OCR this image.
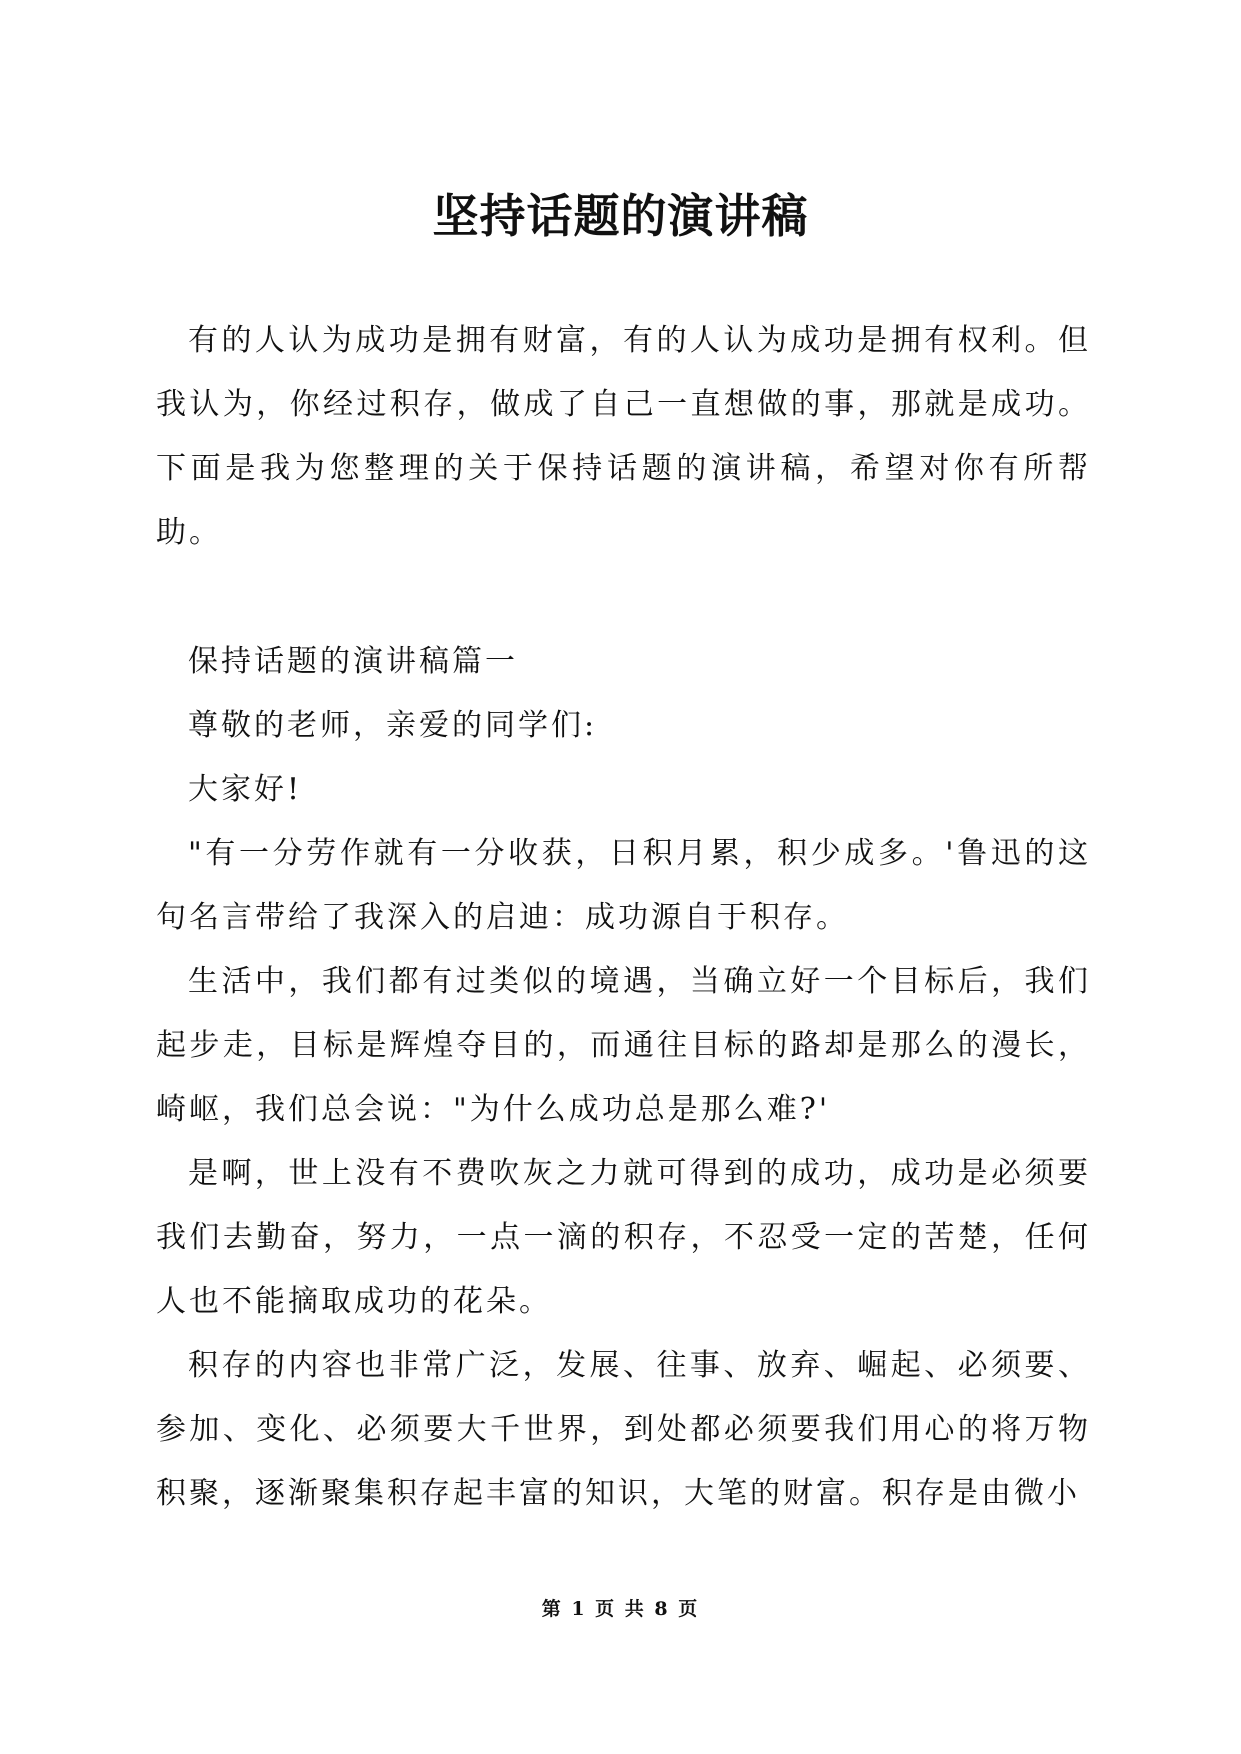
坚持话题的演讲稿

有的人认为成功是拥有财富，有的人认为成功是拥有权利。但我认为，你经过积存，做成了自己一直想做的事，那就是成功。下面是我为您整理的关于保持话题的演讲稿，希望对你有所帮助。

保持话题的演讲稿篇一

尊敬的老师，亲爱的同学们:

大家好!

"有一分劳作就有一分收获，日积月累，积少成多。'鲁迅的这句名言带给了我深入的启迪：成功源自于积存。

生活中，我们都有过类似的境遇，当确立好一个目标后，我们起步走，目标是辉煌夺目的，而通往目标的路却是那么的漫长，崎岖，我们总会说："为什么成功总是那么难?'

是啊，世上没有不费吹灰之力就可得到的成功，成功是必须要我们去勤奋，努力，一点一滴的积存，不忍受一定的苦楚，任何人也不能摘取成功的花朵。

积存的内容也非常广泛，发展、往事、放弃、崛起、必须要、参加、变化、必须要大千世界，到处都必须要我们用心的将万物积聚，逐渐聚集积存起丰富的知识，大笔的财富。积存是由微小

第 1 页 共 8 页
